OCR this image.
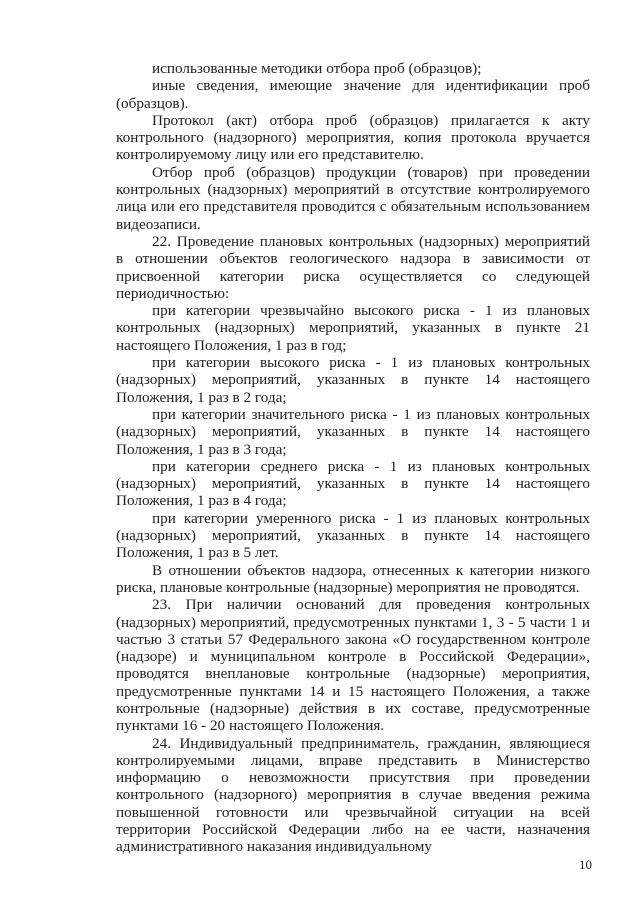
использованные методики отбора проб (образцов);

иные сведения, имеющие значение для идентификации проб (образцов).

Протокол (акт) отбора проб (образцов) прилагается к акту контрольного (надзорного) мероприятия, копия протокола вручается контролируемому лицу или его представителю.

Отбор проб (образцов) продукции (товаров) при проведении контрольных (надзорных) мероприятий в отсутствие контролируемого лица или его представителя проводится с обязательным использованием видеозаписи.

22. Проведение плановых контрольных (надзорных) мероприятий в отношении объектов геологического надзора в зависимости от присвоенной категории риска осуществляется со следующей периодичностью:

при категории чрезвычайно высокого риска - 1 из плановых контрольных (надзорных) мероприятий, указанных в пункте 21 настоящего Положения, 1 раз в год;

при категории высокого риска - 1 из плановых контрольных (надзорных) мероприятий, указанных в пункте 14 настоящего Положения, 1 раз в 2 года;

при категории значительного риска - 1 из плановых контрольных (надзорных) мероприятий, указанных в пункте 14 настоящего Положения, 1 раз в 3 года;

при категории среднего риска - 1 из плановых контрольных (надзорных) мероприятий, указанных в пункте 14 настоящего Положения, 1 раз в 4 года;

при категории умеренного риска - 1 из плановых контрольных (надзорных) мероприятий, указанных в пункте 14 настоящего Положения, 1 раз в 5 лет.

В отношении объектов надзора, отнесенных к категории низкого риска, плановые контрольные (надзорные) мероприятия не проводятся.

23. При наличии оснований для проведения контрольных (надзорных) мероприятий, предусмотренных пунктами 1, 3 - 5 части 1 и частью 3 статьи 57 Федерального закона «О государственном контроле (надзоре) и муниципальном контроле в Российской Федерации», проводятся внеплановые контрольные (надзорные) мероприятия, предусмотренные пунктами 14 и 15 настоящего Положения, а также контрольные (надзорные) действия в их составе, предусмотренные пунктами 16 - 20 настоящего Положения.

24. Индивидуальный предприниматель, гражданин, являющиеся контролируемыми лицами, вправе представить в Министерство информацию о невозможности присутствия при проведении контрольного (надзорного) мероприятия в случае введения режима повышенной готовности или чрезвычайной ситуации на всей территории Российской Федерации либо на ее части, назначения административного наказания индивидуальному

10
